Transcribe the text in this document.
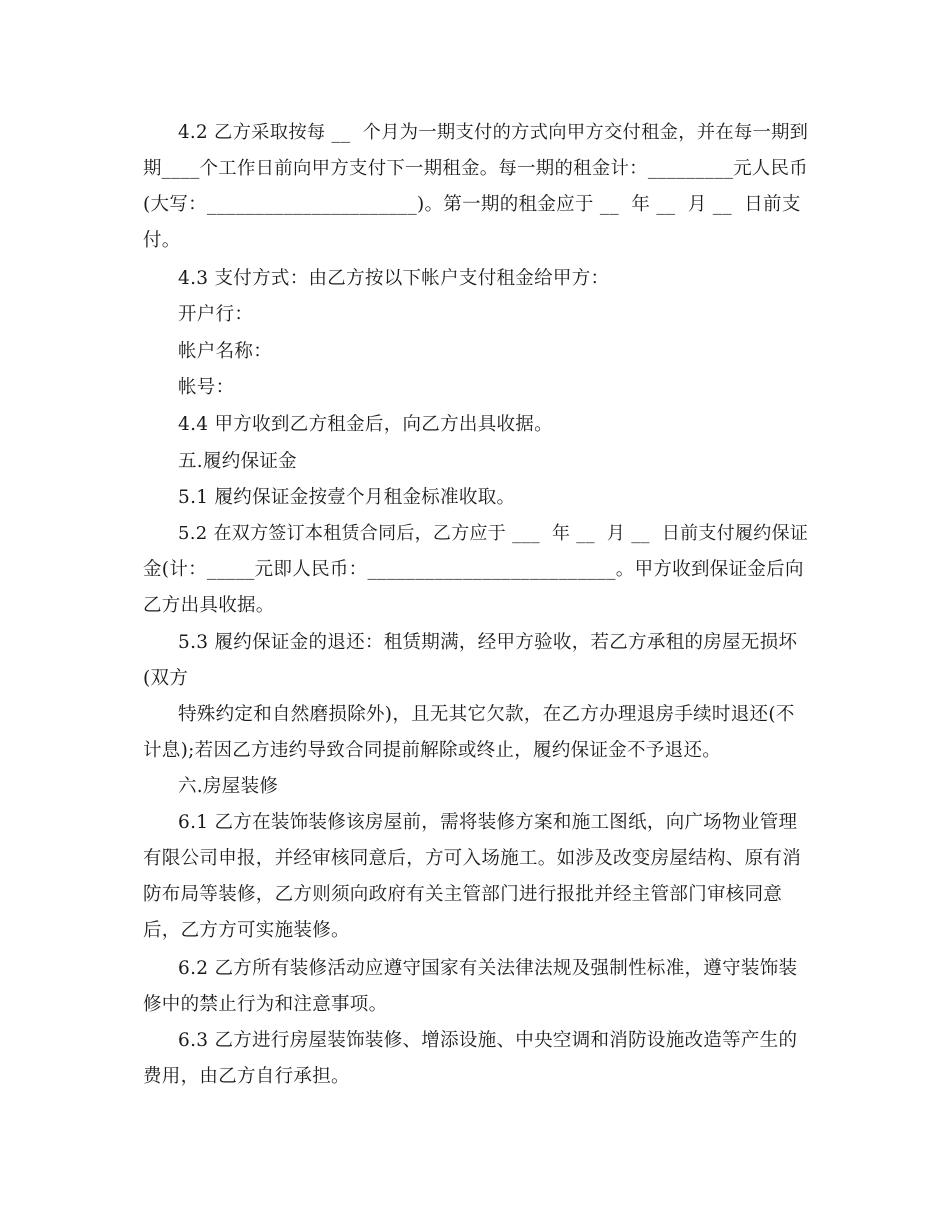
4.2 乙方采取按每 __  个月为一期支付的方式向甲方交付租金，并在每一期到
期____个工作日前向甲方支付下一期租金。每一期的租金计：_________元人民币
(大写：______________________)。第一期的租金应于 __  年 __  月 __  日前支
付。
4.3 支付方式：由乙方按以下帐户支付租金给甲方：
开户行：
帐户名称：
帐号：
4.4 甲方收到乙方租金后，向乙方出具收据。
五.履约保证金
5.1 履约保证金按壹个月租金标准收取。
5.2 在双方签订本租赁合同后，乙方应于 ___  年 __  月 __  日前支付履约保证
金(计：_____元即人民币：__________________________。甲方收到保证金后向
乙方出具收据。
5.3 履约保证金的退还：租赁期满，经甲方验收，若乙方承租的房屋无损坏
(双方
特殊约定和自然磨损除外)，且无其它欠款，在乙方办理退房手续时退还(不
计息);若因乙方违约导致合同提前解除或终止，履约保证金不予退还。
六.房屋装修
6.1 乙方在装饰装修该房屋前，需将装修方案和施工图纸，向广场物业管理
有限公司申报，并经审核同意后，方可入场施工。如涉及改变房屋结构、原有消
防布局等装修，乙方则须向政府有关主管部门进行报批并经主管部门审核同意
后，乙方方可实施装修。
6.2 乙方所有装修活动应遵守国家有关法律法规及强制性标准，遵守装饰装
修中的禁止行为和注意事项。
6.3 乙方进行房屋装饰装修、增添设施、中央空调和消防设施改造等产生的
费用，由乙方自行承担。
